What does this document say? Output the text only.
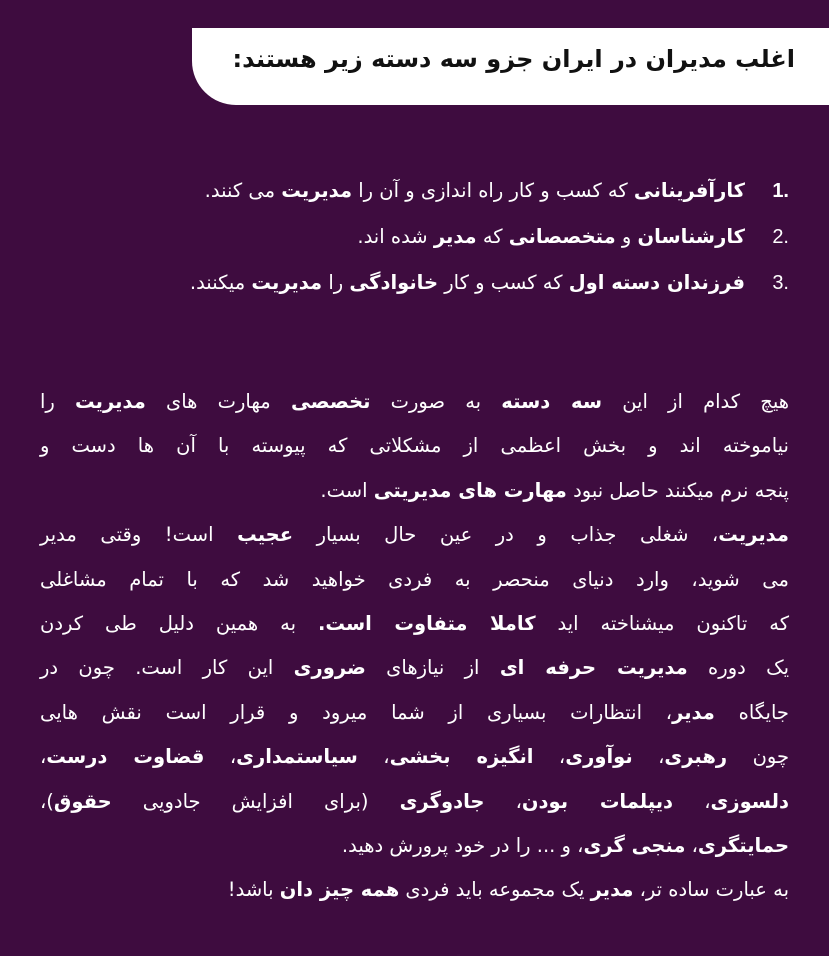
اغلب مدیران در ایران جزو سه دسته زیر هستند:
1.
کارآفرینانی که کسب و کار راه اندازی و آن را مدیریت می کنند.
2.
کارشناسان و متخصصانی که مدیر شده اند.
3.
فرزندان دسته اول که کسب و کار خانوادگی را مدیریت میکنند.
هیچ کدام از این سه دسته به صورت تخصصی مهارت های مدیریت را
نیاموخته اند و بخش اعظمی از مشکلاتی که پیوسته با آن ها دست و
پنجه نرم میکنند حاصل نبود مهارت های مدیریتی است.
مدیریت، شغلی جذاب و در عین حال بسیار عجیب است! وقتی مدیر
می شوید، وارد دنیای منحصر به فردی خواهید شد که با تمام مشاغلی
که تاکنون میشناخته اید کاملا متفاوت است. به همین دلیل طی کردن
یک دوره مدیریت حرفه ای از نیازهای ضروری این کار است. چون در
جایگاه مدیر، انتظارات بسیاری از شما میرود و قرار است نقش هایی
چون رهبری، نوآوری، انگیزه بخشی، سیاستمداری، قضاوت درست،
دلسوزی، دیپلمات بودن، جادوگری (برای افزایش جادویی حقوق)،
حمایتگری، منجی گری، و ... را در خود پرورش دهید.
به عبارت ساده تر، مدیر یک مجموعه باید فردی همه چیز دان باشد!
